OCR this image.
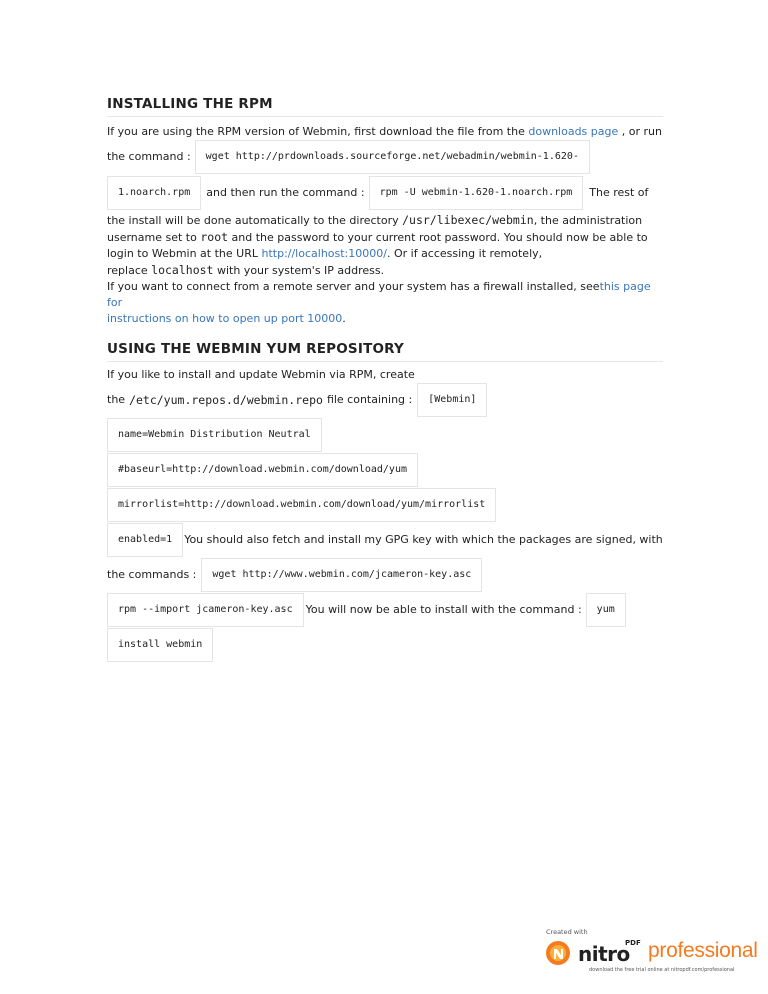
INSTALLING THE RPM
If you are using the RPM version of Webmin, first download the file from the downloads page , or run
the command :	wget http://prdownloads.sourceforge.net/webadmin/webmin-1.620-
1.noarch.rpm	and then run the command :	rpm -U webmin-1.620-1.noarch.rpm	The rest of
the install will be done automatically to the directory /usr/libexec/webmin, the administration
username set to root and the password to your current root password. You should now be able to
login to Webmin at the URL http://localhost:10000/. Or if accessing it remotely,
replace localhost with your system's IP address.
If you want to connect from a remote server and your system has a firewall installed, seethis page for
instructions on how to open up port 10000.
USING THE WEBMIN YUM REPOSITORY
If you like to install and update Webmin via RPM, create
the /etc/yum.repos.d/webmin.repo file containing :	[Webmin]
name=Webmin Distribution Neutral
#baseurl=http://download.webmin.com/download/yum
mirrorlist=http://download.webmin.com/download/yum/mirrorlist
enabled=1	You should also fetch and install my GPG key with which the packages are signed, with
the commands :	wget http://www.webmin.com/jcameron-key.asc
rpm --import jcameron-key.asc	You will now be able to install with the command :	yum
install webmin
Created with
nitro
PDF professional
download the free trial online at nitropdf.com/professional
